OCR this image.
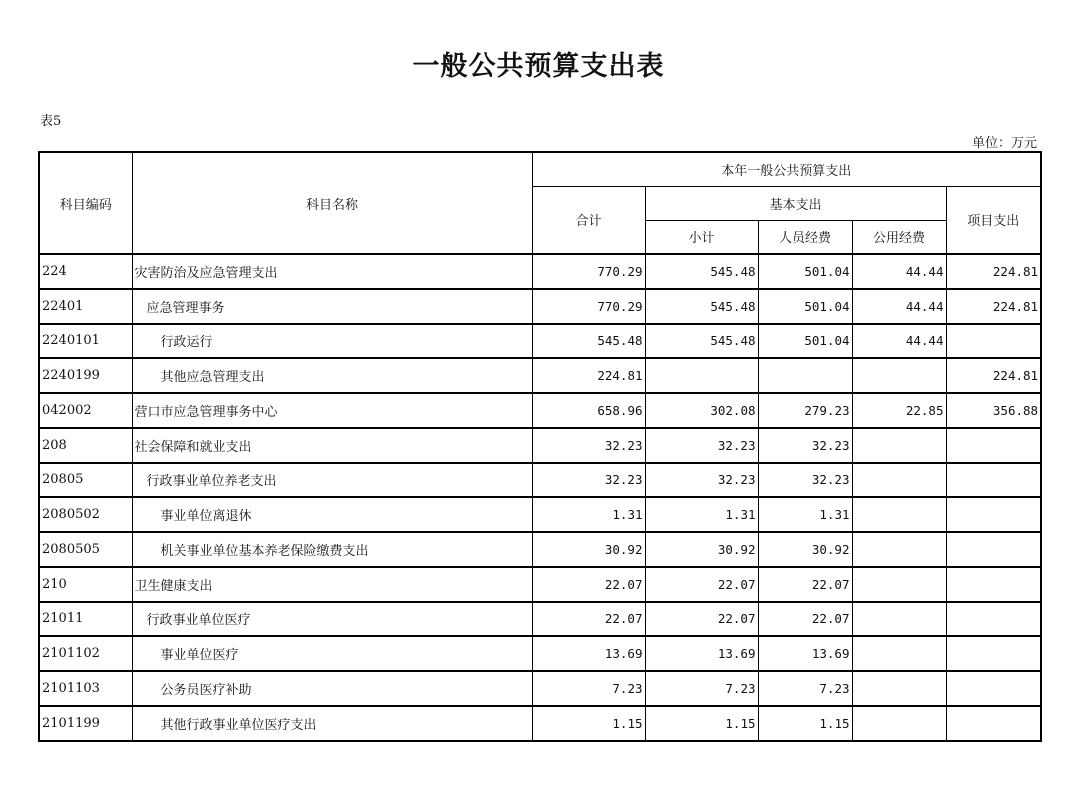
一般公共预算支出表
表5
单位：万元
科目编码	科目名称	本年一般公共预算支出				
		合计	基本支出			项目支出
			小计	人员经费	公用经费	
224	灾害防治及应急管理支出	770.29	545.48	501.04	44.44	224.81
22401	应急管理事务	770.29	545.48	501.04	44.44	224.81
2240101	行政运行	545.48	545.48	501.04	44.44	
2240199	其他应急管理支出	224.81				224.81
042002	营口市应急管理事务中心	658.96	302.08	279.23	22.85	356.88
208	社会保障和就业支出	32.23	32.23	32.23		
20805	行政事业单位养老支出	32.23	32.23	32.23		
2080502	事业单位离退休	1.31	1.31	1.31		
2080505	机关事业单位基本养老保险缴费支出	30.92	30.92	30.92		
210	卫生健康支出	22.07	22.07	22.07		
21011	行政事业单位医疗	22.07	22.07	22.07		
2101102	事业单位医疗	13.69	13.69	13.69		
2101103	公务员医疗补助	7.23	7.23	7.23		
2101199	其他行政事业单位医疗支出	1.15	1.15	1.15		
